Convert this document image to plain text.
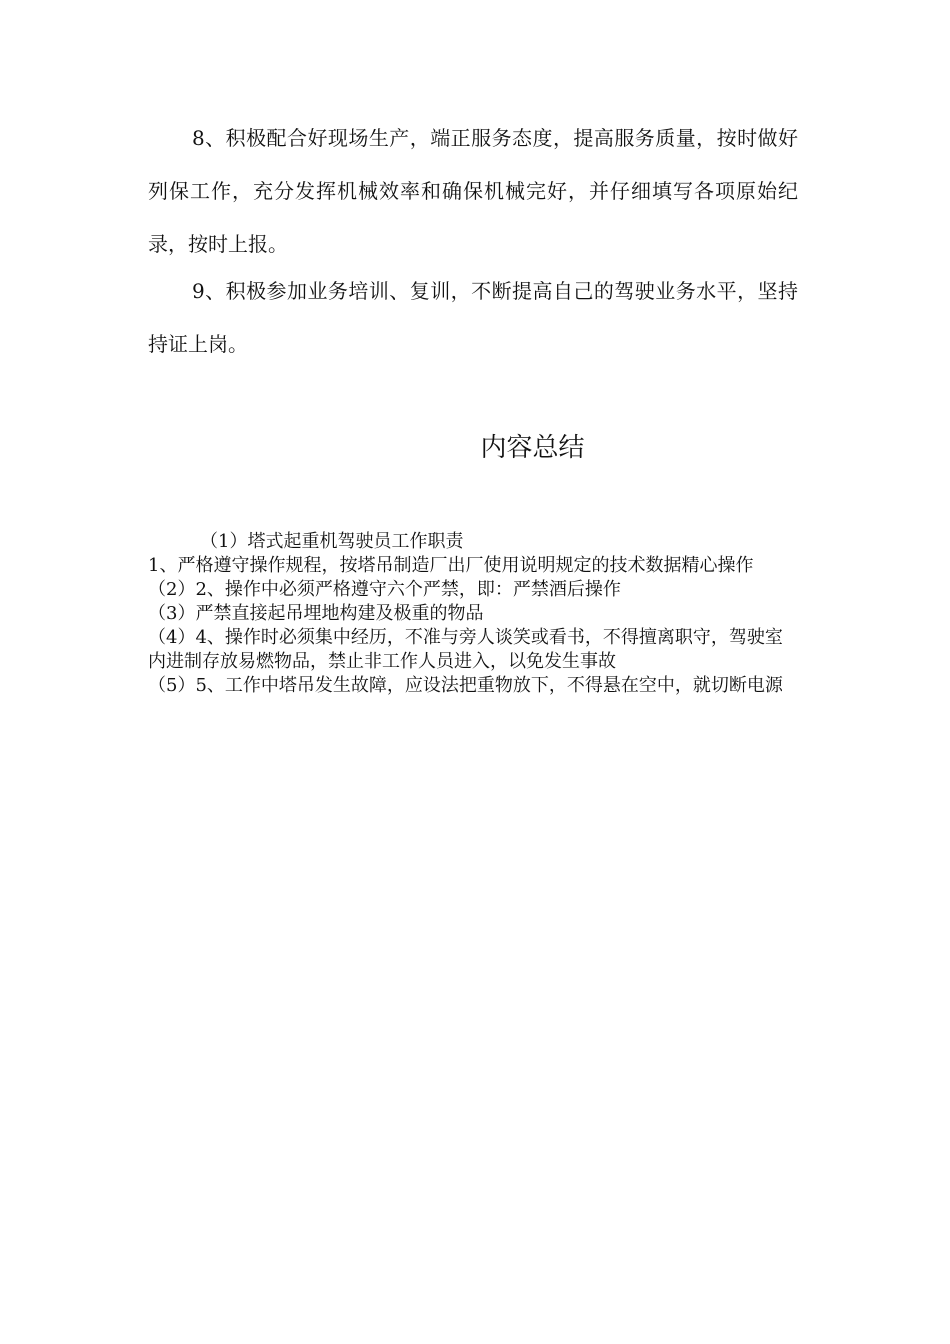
8、积极配合好现场生产，端正服务态度，提高服务质量，按时做好列保工作，充分发挥机械效率和确保机械完好，并仔细填写各项原始纪录，按时上报。

9、积极参加业务培训、复训，不断提高自己的驾驶业务水平，坚持持证上岗。

内容总结

（1）塔式起重机驾驶员工作职责

1、严格遵守操作规程，按塔吊制造厂出厂使用说明规定的技术数据精心操作

（2）2、操作中必须严格遵守六个严禁，即：严禁酒后操作

（3）严禁直接起吊埋地构建及极重的物品

（4）4、操作时必须集中经历，不准与旁人谈笑或看书，不得擅离职守，驾驶室内进制存放易燃物品，禁止非工作人员进入，以免发生事故

（5）5、工作中塔吊发生故障，应设法把重物放下，不得悬在空中，就切断电源
